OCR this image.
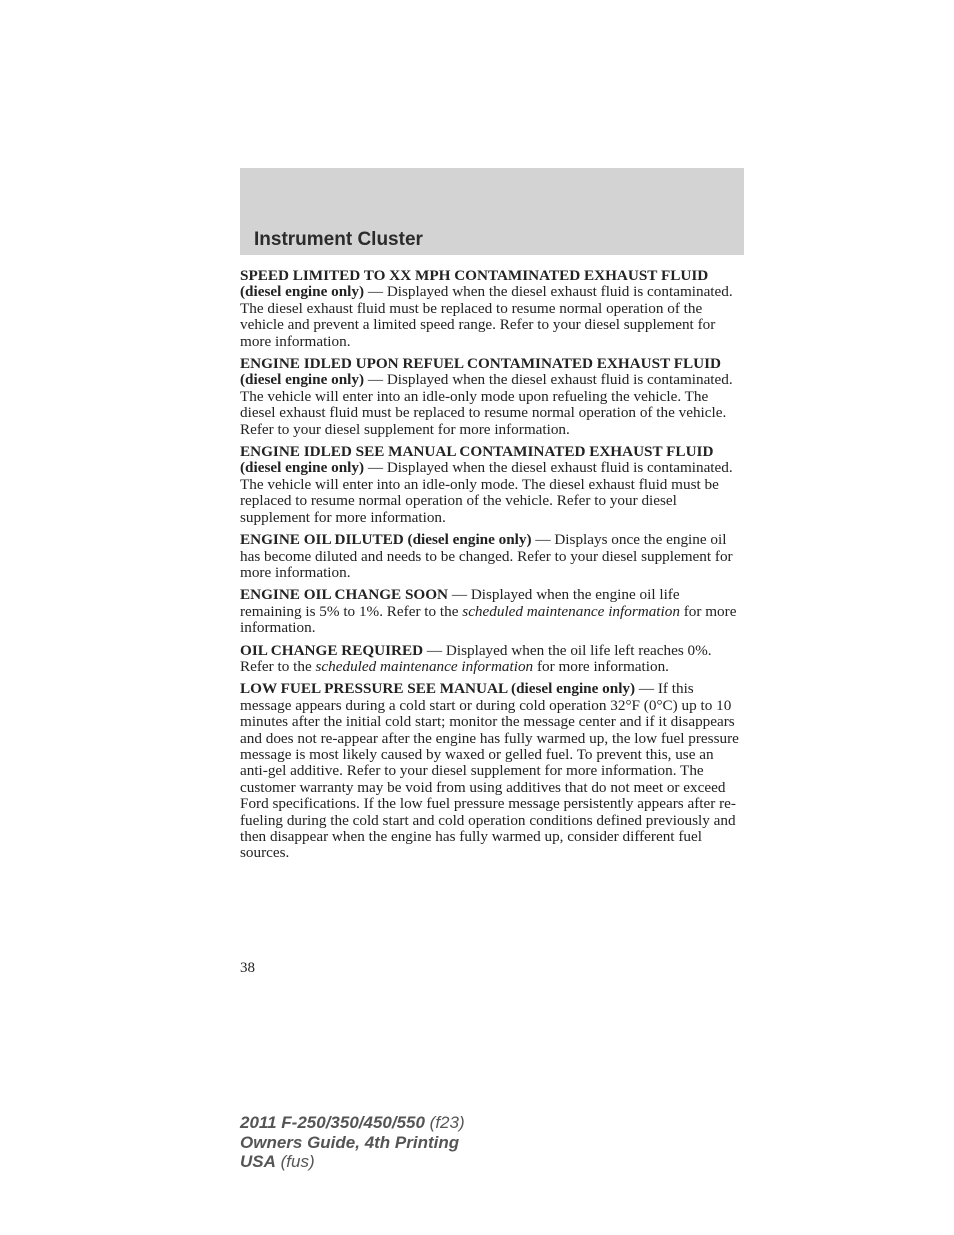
Instrument Cluster

SPEED LIMITED TO XX MPH CONTAMINATED EXHAUST FLUID (diesel engine only) — Displayed when the diesel exhaust fluid is contaminated. The diesel exhaust fluid must be replaced to resume normal operation of the vehicle and prevent a limited speed range. Refer to your diesel supplement for more information.

ENGINE IDLED UPON REFUEL CONTAMINATED EXHAUST FLUID (diesel engine only) — Displayed when the diesel exhaust fluid is contaminated. The vehicle will enter into an idle-only mode upon refueling the vehicle. The diesel exhaust fluid must be replaced to resume normal operation of the vehicle. Refer to your diesel supplement for more information.

ENGINE IDLED SEE MANUAL CONTAMINATED EXHAUST FLUID (diesel engine only) — Displayed when the diesel exhaust fluid is contaminated. The vehicle will enter into an idle-only mode. The diesel exhaust fluid must be replaced to resume normal operation of the vehicle. Refer to your diesel supplement for more information.

ENGINE OIL DILUTED (diesel engine only) — Displays once the engine oil has become diluted and needs to be changed. Refer to your diesel supplement for more information.

ENGINE OIL CHANGE SOON — Displayed when the engine oil life remaining is 5% to 1%. Refer to the scheduled maintenance information for more information.

OIL CHANGE REQUIRED — Displayed when the oil life left reaches 0%. Refer to the scheduled maintenance information for more information.

LOW FUEL PRESSURE SEE MANUAL (diesel engine only) — If this message appears during a cold start or during cold operation 32°F (0°C) up to 10 minutes after the initial cold start; monitor the message center and if it disappears and does not re-appear after the engine has fully warmed up, the low fuel pressure message is most likely caused by waxed or gelled fuel. To prevent this, use an anti-gel additive. Refer to your diesel supplement for more information. The customer warranty may be void from using additives that do not meet or exceed Ford specifications. If the low fuel pressure message persistently appears after re-fueling during the cold start and cold operation conditions defined previously and then disappear when the engine has fully warmed up, consider different fuel sources.

38
2011 F-250/350/450/550 (f23)
Owners Guide, 4th Printing
USA (fus)
